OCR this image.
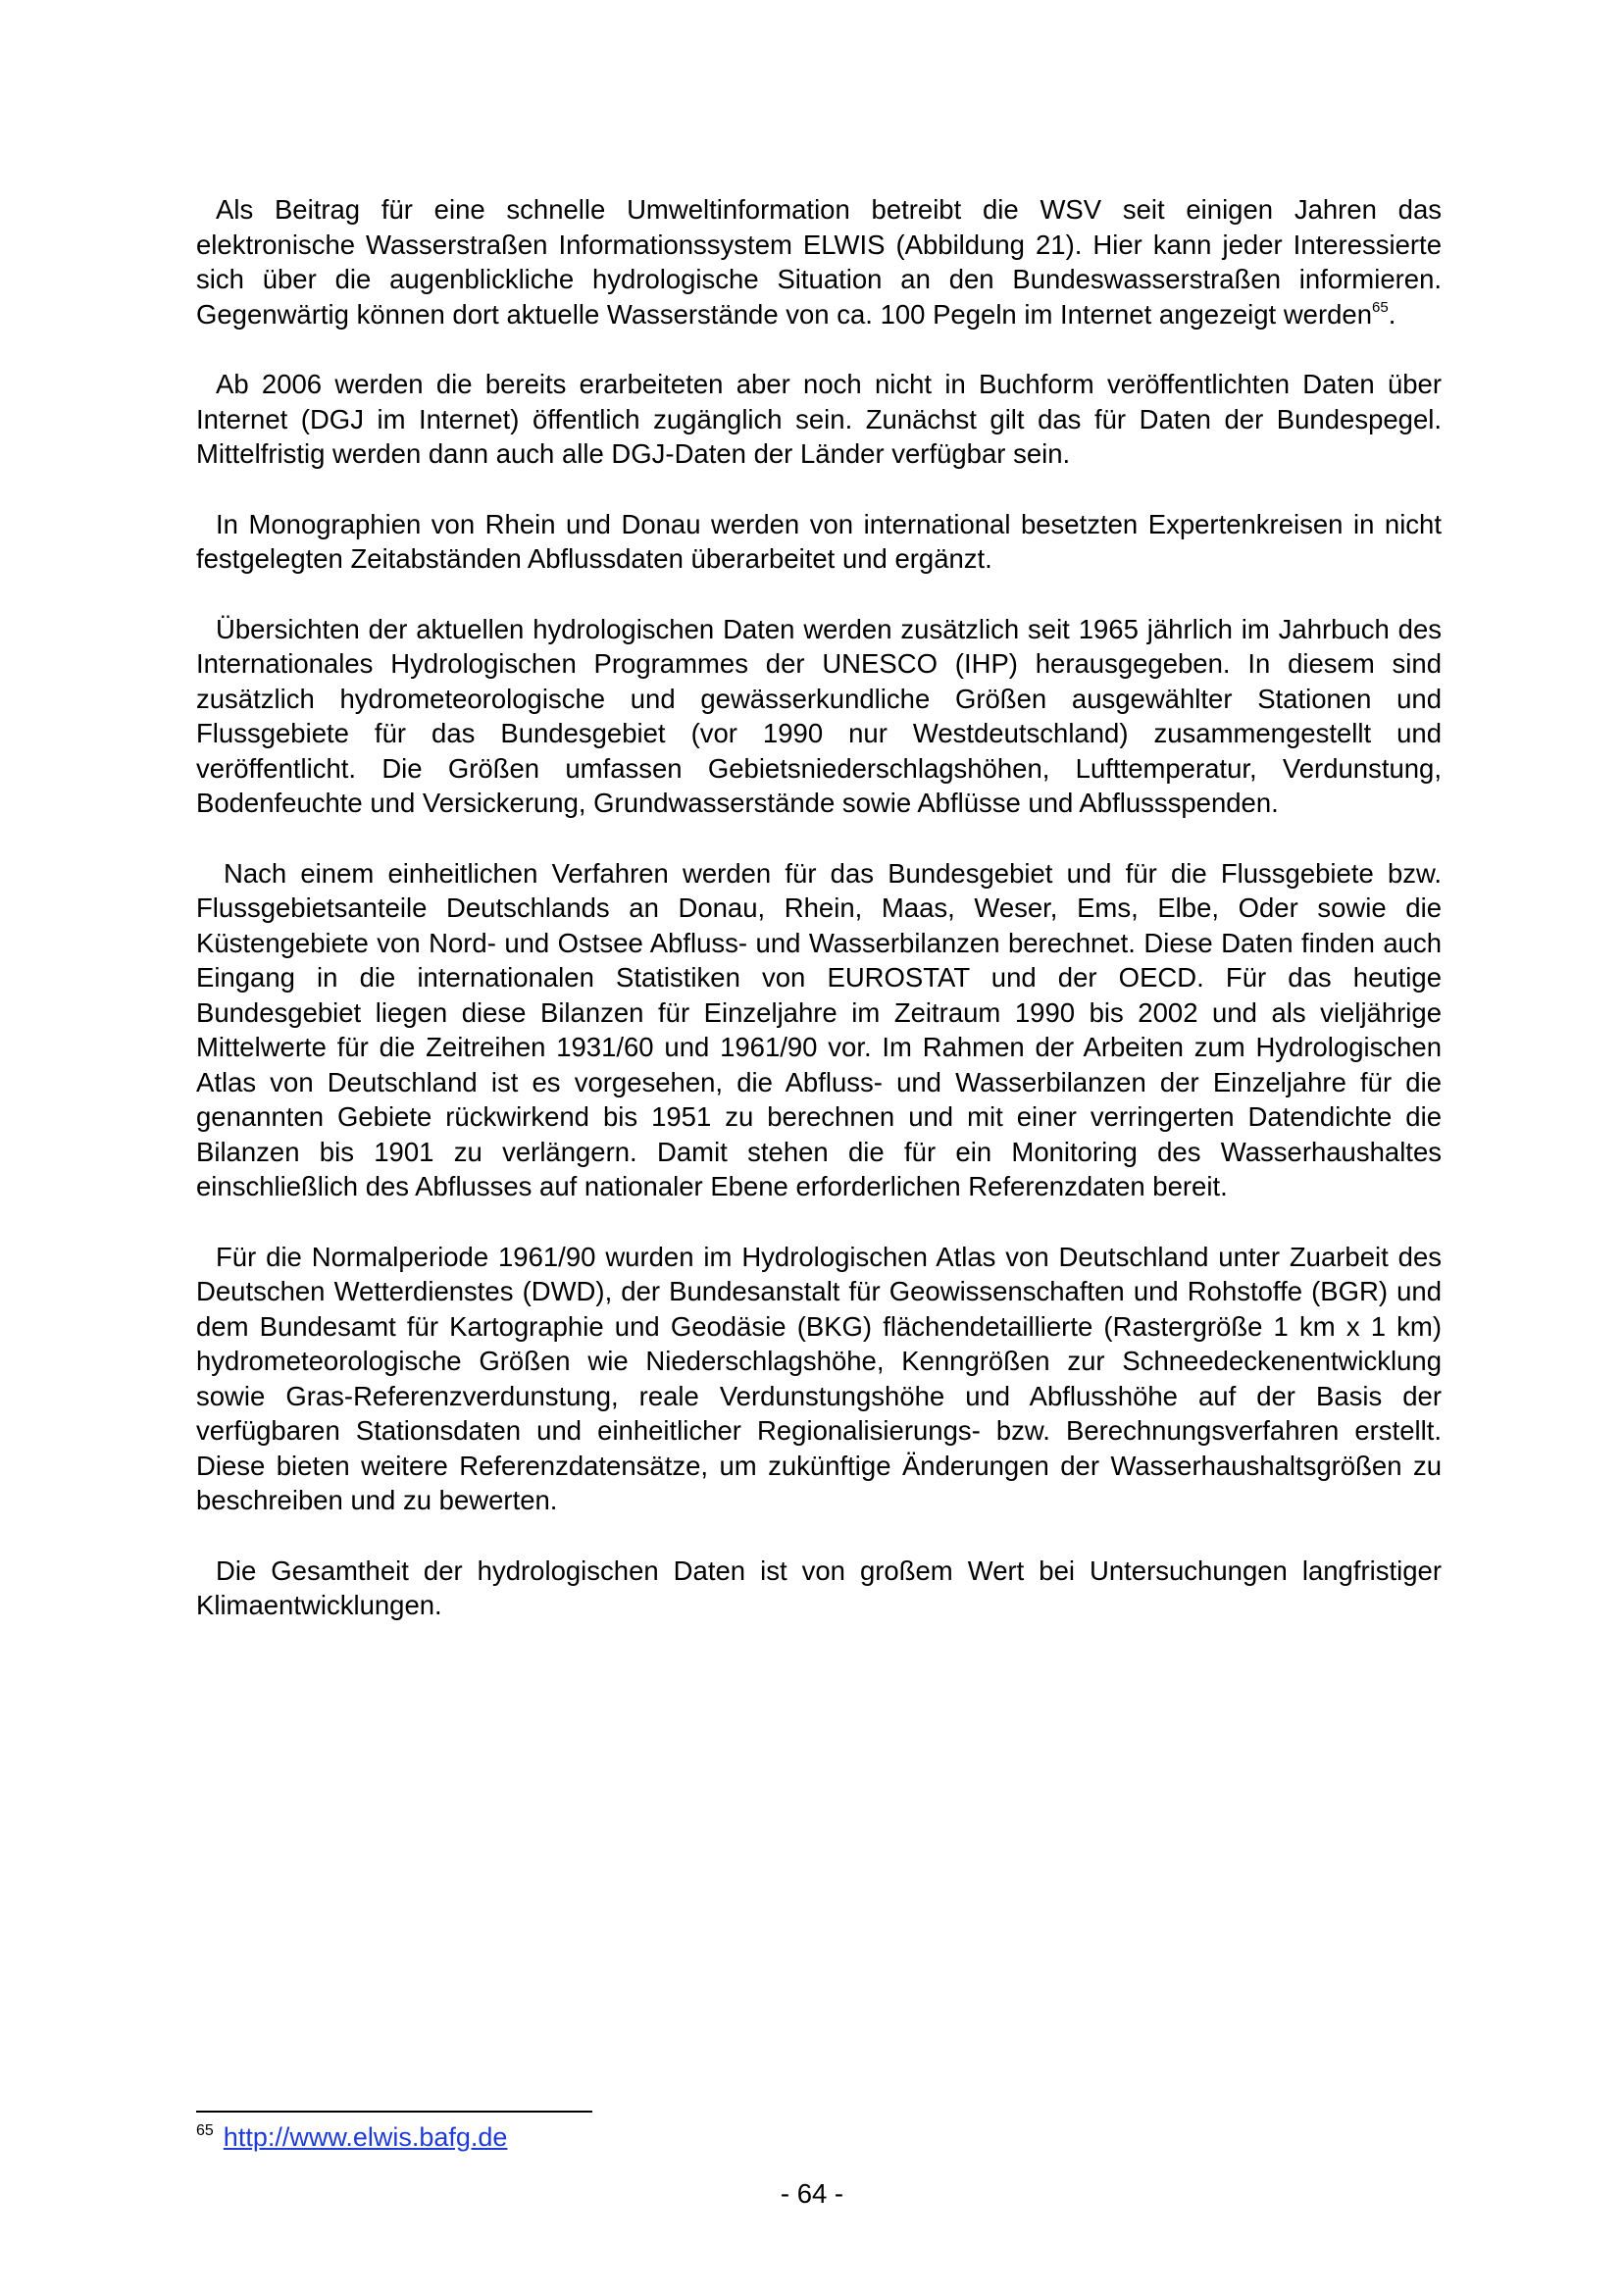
Als Beitrag für eine schnelle Umweltinformation betreibt die WSV seit einigen Jahren das elektronische Wasserstraßen Informationssystem ELWIS (Abbildung 21). Hier kann jeder Interessierte sich über die augenblickliche hydrologische Situation an den Bundeswasserstraßen informieren. Gegenwärtig können dort aktuelle Wasserstände von ca. 100 Pegeln im Internet angezeigt werden$^{65}$.

Ab 2006 werden die bereits erarbeiteten aber noch nicht in Buchform veröffentlichten Daten über Internet (DGJ im Internet) öffentlich zugänglich sein. Zunächst gilt das für Daten der Bundespegel. Mittelfristig werden dann auch alle DGJ-Daten der Länder verfügbar sein.

In Monographien von Rhein und Donau werden von international besetzten Expertenkreisen in nicht festgelegten Zeitabständen Abflussdaten überarbeitet und ergänzt.

Übersichten der aktuellen hydrologischen Daten werden zusätzlich seit 1965 jährlich im Jahrbuch des Internationales Hydrologischen Programmes der UNESCO (IHP) herausgegeben. In diesem sind zusätzlich hydrometeorologische und gewässerkundliche Größen ausgewählter Stationen und Flussgebiete für das Bundesgebiet (vor 1990 nur Westdeutschland) zusammengestellt und veröffentlicht. Die Größen umfassen Gebietsniederschlagshöhen, Lufttemperatur, Verdunstung, Bodenfeuchte und Versickerung, Grundwasserstände sowie Abflüsse und Abflussspenden.

Nach einem einheitlichen Verfahren werden für das Bundesgebiet und für die Flussgebiete bzw. Flussgebietsanteile Deutschlands an Donau, Rhein, Maas, Weser, Ems, Elbe, Oder sowie die Küstengebiete von Nord- und Ostsee Abfluss- und Wasserbilanzen berechnet. Diese Daten finden auch Eingang in die internationalen Statistiken von EUROSTAT und der OECD. Für das heutige Bundesgebiet liegen diese Bilanzen für Einzeljahre im Zeitraum 1990 bis 2002 und als vieljährige Mittelwerte für die Zeitreihen 1931/60 und 1961/90 vor. Im Rahmen der Arbeiten zum Hydrologischen Atlas von Deutschland ist es vorgesehen, die Abfluss- und Wasserbilanzen der Einzeljahre für die genannten Gebiete rückwirkend bis 1951 zu berechnen und mit einer verringerten Datendichte die Bilanzen bis 1901 zu verlängern. Damit stehen die für ein Monitoring des Wasserhaushaltes einschließlich des Abflusses auf nationaler Ebene erforderlichen Referenzdaten bereit.

Für die Normalperiode 1961/90 wurden im Hydrologischen Atlas von Deutschland unter Zuarbeit des Deutschen Wetterdienstes (DWD), der Bundesanstalt für Geowissenschaften und Rohstoffe (BGR) und dem Bundesamt für Kartographie und Geodäsie (BKG) flächendetaillierte (Rastergröße 1 km x 1 km) hydrometeorologische Größen wie Niederschlagshöhe, Kenngrößen zur Schneedeckenentwicklung sowie Gras-Referenzverdunstung, reale Verdunstungshöhe und Abflusshöhe auf der Basis der verfügbaren Stationsdaten und einheitlicher Regionalisierungs- bzw. Berechnungsverfahren erstellt. Diese bieten weitere Referenzdatensätze, um zukünftige Änderungen der Wasserhaushaltsgrößen zu beschreiben und zu bewerten.

Die Gesamtheit der hydrologischen Daten ist von großem Wert bei Untersuchungen langfristiger Klimaentwicklungen.

$^{65}$ http://www.elwis.bafg.de
- 64 -
